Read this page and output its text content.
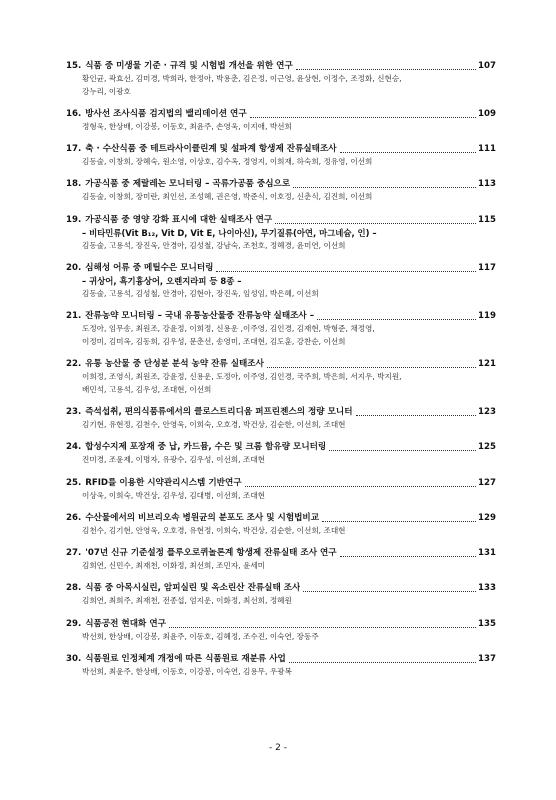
15. 식품 중 미생물 기준 · 규격 및 시험법 개선을 위한 연구	107
황인균, 곽효선, 김미경, 박희라, 한정아, 박용춘, 김은정, 이근영, 윤상현, 이정수, 조정화, 신현승,
강누리, 이광호
16. 방사선 조사식품 검지법의 밸리데이션 연구	109
정형욱, 한상배, 이강봉, 이동호, 최윤주, 손영욱, 이지애, 박선희
17. 축 · 수산식품 중 테트라사이클린계 및 설파계 항생제 잔류실태조사	111
김동술, 이창희, 장혜숙, 원소영, 이상호, 김수옥, 정영지, 이희재, 하숙희, 정유영, 이선희
18. 가공식품 중 제랄레논 모니터링 – 곡류가공품 중심으로	113
김동술, 이창희, 장미란, 최인선, 조성혜, 권은영, 박준식, 이호정, 신춘식, 김진희, 이선희
19. 가공식품 중 영양 강화 표시에 대한 실태조사 연구	115
– 비타민류(Vit B₁₂, Vit D, Vit E, 나이아신), 무기질류(아연, 마그네슘, 인) –
김동술, 고용석, 장진욱, 안경아, 김성철, 강남숙, 조천호, 정혜경, 윤미연, 이선희
20. 심해성 어류 중 메틸수은 모니터링	117
– 귀상어, 흑기흉상어, 오렌지라피 등 8종 –
김동술, 고용석, 김성철, 안경아, 김현아, 장진욱, 임성임, 박은혜, 이선희
21. 잔류농약 모니터링 – 국내 유통농산물중 잔류농약 실태조사 –	119
도정아, 임무송, 최원조, 강윤정, 이희정, 신용운 ,이주영, 김인경, 김재현, 박형준, 채정영,
이정미, 김미옥, 김동희, 김우성, 문춘선, 송영미, 조대현, 김도훈, 강찬순, 이선희
22. 유통 농산물 중 단성분 분석 농약 잔류 실태조사	121
이희정, 조영식, 최원조, 강윤정, 신용운, 도정아, 이주영, 김인경, 국주희, 박은희, 서지우, 박지원,
배민석, 고용석, 김우성, 조대현, 이선희
23. 즉석섭취, 편의식품류에서의 클로스트리디움 퍼프린젠스의 정량 모니터	123
김기현, 유현정, 김천수, 안영욱, 이희숙, 오호경, 박건상, 김순한, 이선희, 조대현
24. 합성수지제 포장재 중 납, 카드뮴, 수은 및 크롬 함유량 모니터링	125
진미경, 조윤제, 이명자, 유광수, 김우성, 이선희, 조대현
25. RFID를 이용한 시약관리시스템 기반연구	127
이상욱, 이희숙, 박건상, 김우성, 김대병, 이선희, 조대현
26. 수산물에서의 비브리오속 병원균의 분포도 조사 및 시험법비교	129
김천수, 김기현, 안영욱, 오호경, 유현정, 이희숙, 박건상, 김순한, 이선희, 조대현
27. '07년 신규 기준설정 플루오로퀴놀론계 항생제 잔류실태 조사 연구	131
김희연, 신민수, 최재천, 이화정, 최선희, 조민자, 윤세미
28. 식품 중 아목시실린, 암피실린 및 옥소린산 잔류실태 조사	133
김희연, 최희주, 최재천, 전종섭, 엄지운, 이화정, 최선희, 정혜원
29. 식품공전 현대화 연구	135
박선희, 한상배, 이강봉, 최윤주, 이동호, 김혜정, 조수진, 이숙연, 장동주
30. 식품원료 인정체계 개정에 따른 식품원료 재분류 사업	137
박선희, 최윤주, 한상배, 이동호, 이강봉, 이숙연, 김용무, 우광복
- 2 -
